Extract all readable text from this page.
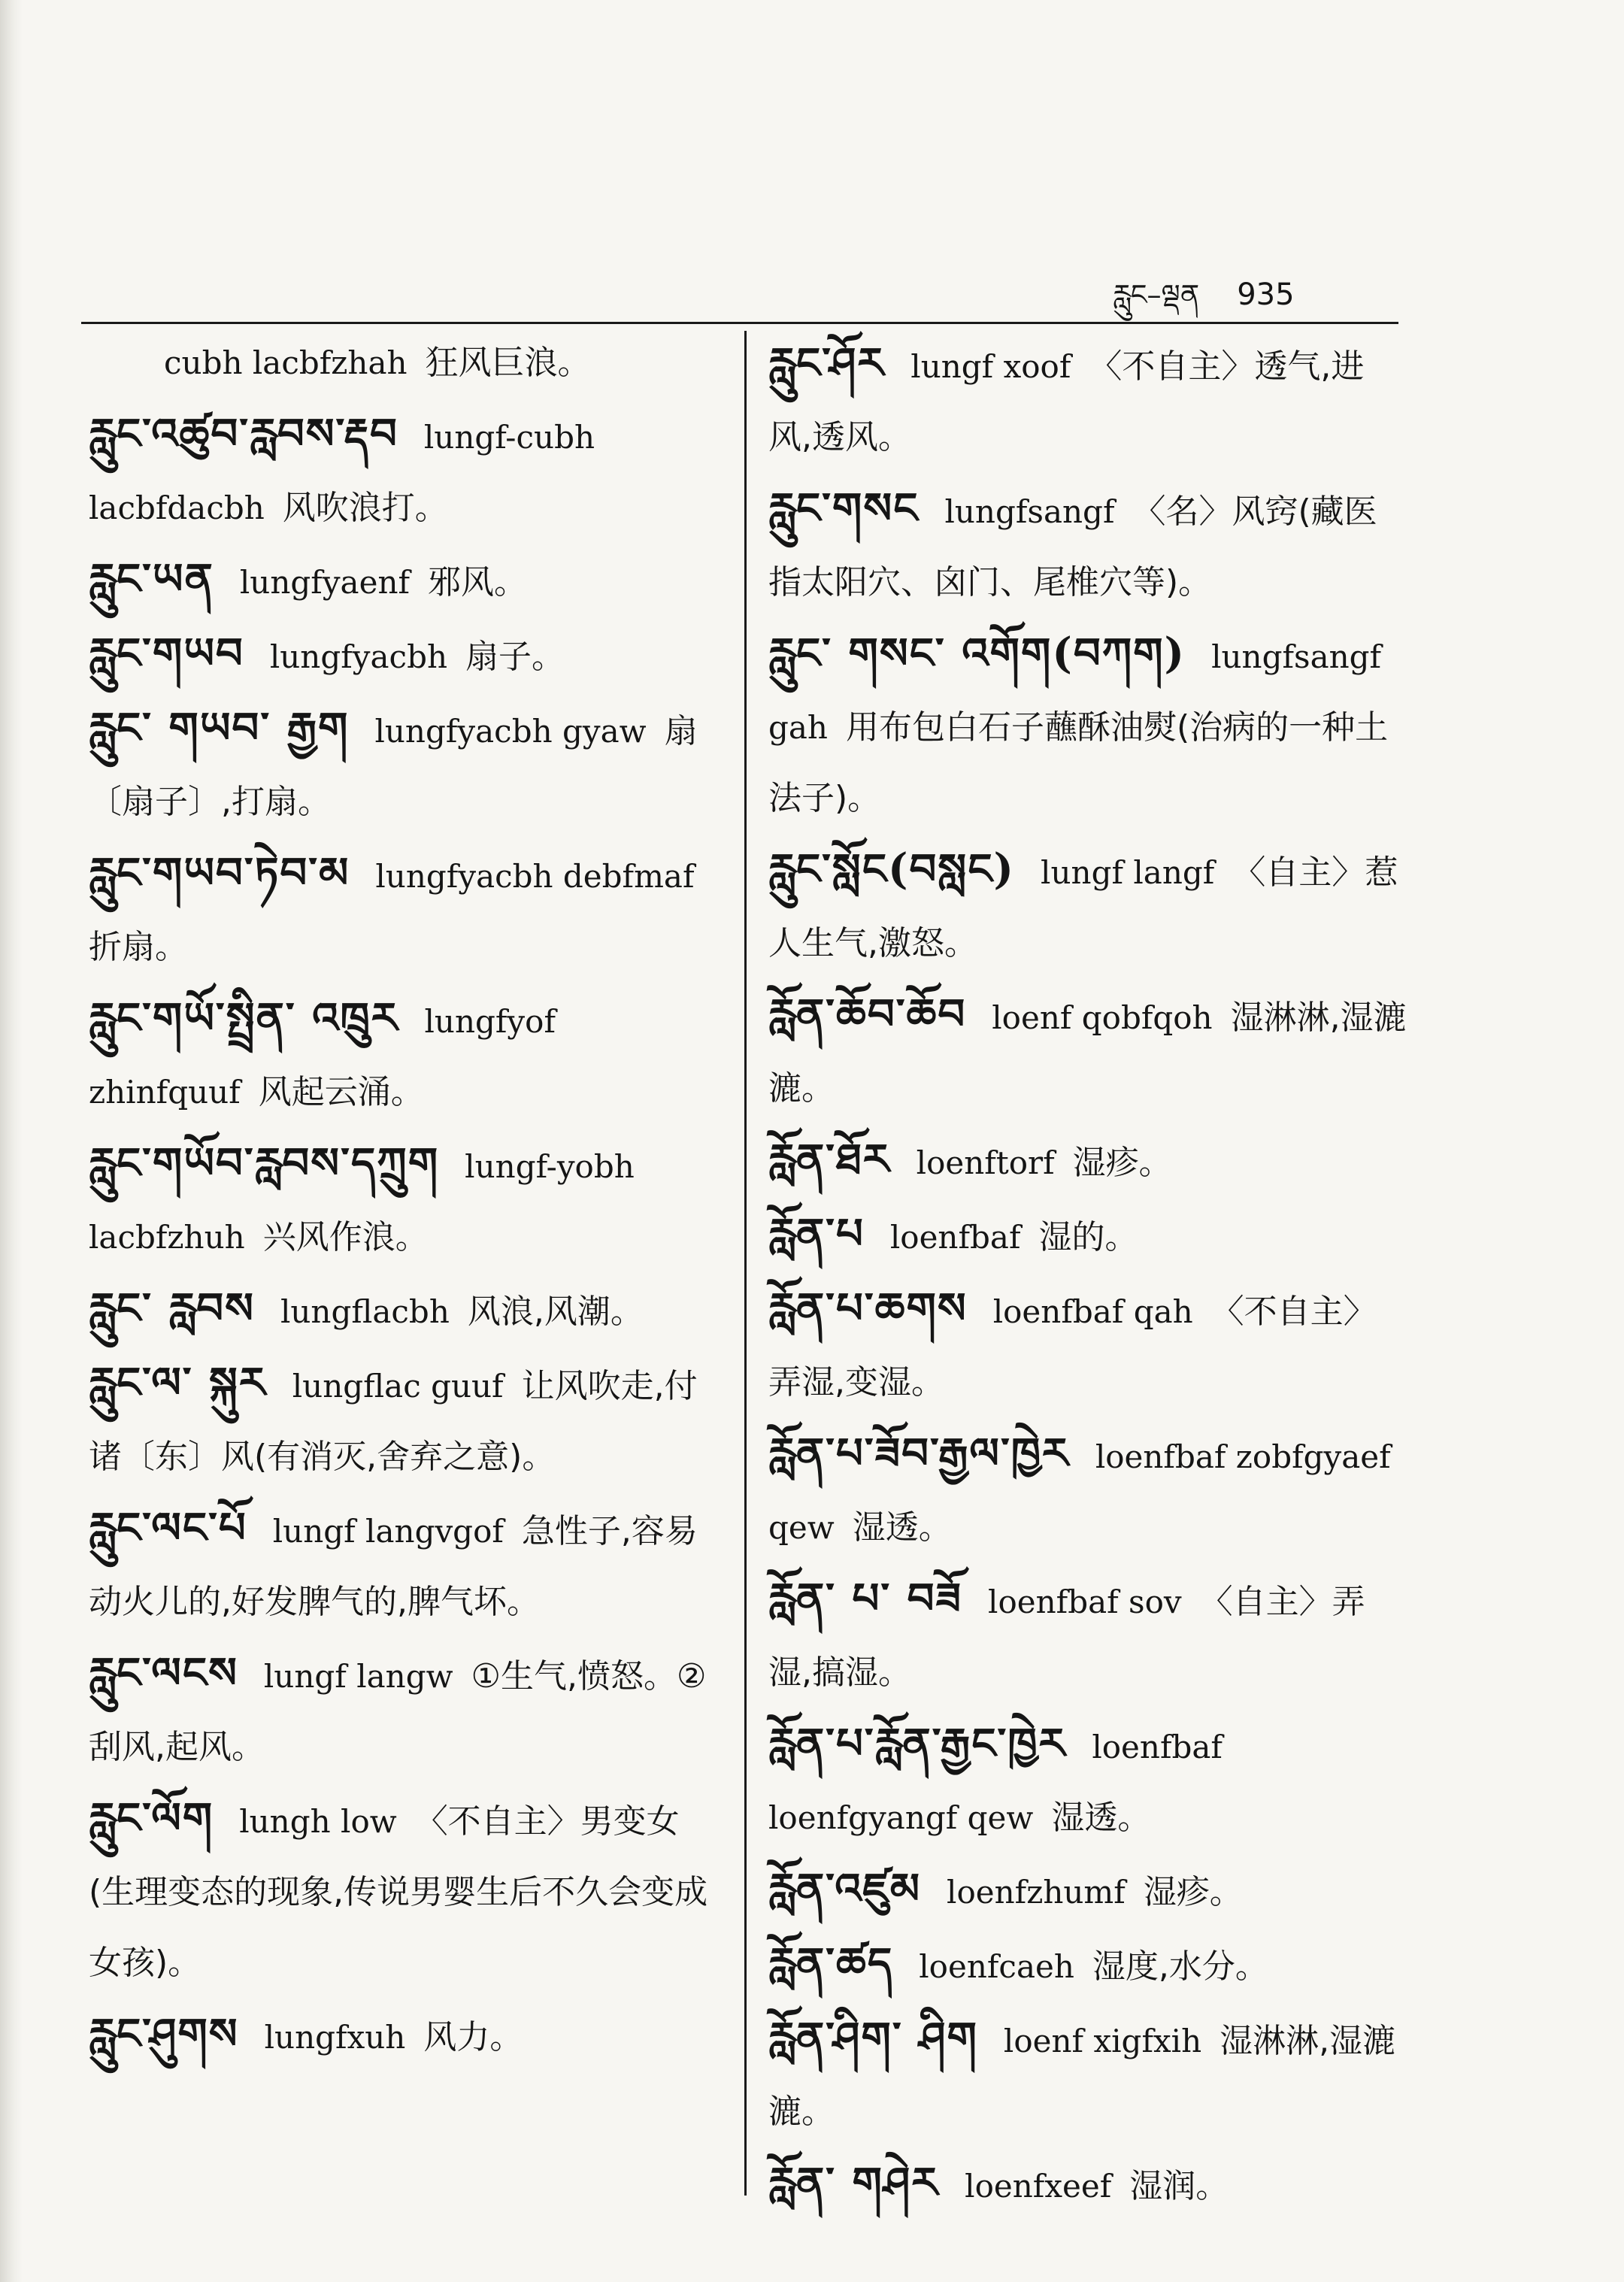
རླུང–ལྡན 935
cubh lacbfzhah 狂风巨浪。
རླུང་འཚུབ་རླབས་རྡབ lungf-cubh lacbfdacbh 风吹浪打。
རླུང་ཡན lungfyaenf 邪风。
རླུང་གཡབ lungfyacbh 扇子。
རླུང་ གཡབ་ རྒྱག lungfyacbh gyaw 扇〔扇子〕,打扇。
རླུང་གཡབ་ཏེབ་མ lungfyacbh debfmaf折扇。
རླུང་གཡོ་སྤྲིན་ འཁྲུར lungfyof zhinfquuf 风起云涌。
རླུང་གཡོབ་རླབས་དཀྲུག lungf-yobh lacbfzhuh 兴风作浪。
རླུང་ རླབས lungflacbh 风浪,风潮。
རླུང་ལ་ སྐུར lungflac guuf 让风吹走,付诸〔东〕风(有消灭,舍弃之意)。
རླུང་ལང་པོ lungf langvgof 急性子,容易动火儿的,好发脾气的,脾气坏。
རླུང་ལངས lungf langw ①生气,愤怒。②刮风,起风。
རླུང་ལོག lungh low 〈不自主〉男变女(生理变态的现象,传说男婴生后不久会变成女孩)。
རླུང་ཤུགས lungfxuh 风力。
རླུང་ཤོར lungf xoof 〈不自主〉透气,进风,透风。
རླུང་གསང lungfsangf 〈名〉风窍(藏医指太阳穴、囟门、尾椎穴等)。
རླུང་ གསང་ འགོག(བཀག) lungfsangf gah 用布包白石子蘸酥油熨(治病的一种土 法子)。
རླུང་སློང(བསླང) lungf langf 〈自主〉惹人生气,激怒。
རློན་ཆོབ་ཆོབ loenf qobfqoh 湿淋淋,湿漉漉。
རློན་ཐོར loenftorf 湿疹。
རློན་པ loenfbaf 湿的。
རློན་པ་ཆགས loenfbaf qah 〈不自主〉弄湿,变湿。
རློན་པ་ཟོབ་རྒྱལ་ཁྱེར loenfbaf zobfgyaef qew 湿透。
རློན་ པ་ བཟོ loenfbaf sov 〈自主〉弄湿,搞湿。
རློན་པ་རློན་རྒྱང་ཁྱེར loenfbaf loenfgyangf qew 湿透。
རློན་འཛུམ loenfzhumf 湿疹。
རློན་ཚད loenfcaeh 湿度,水分。
རློན་ཤིག་ ཤིག loenf xigfxih 湿淋淋,湿漉漉。
རློན་ གཤེར loenfxeef 湿润。
